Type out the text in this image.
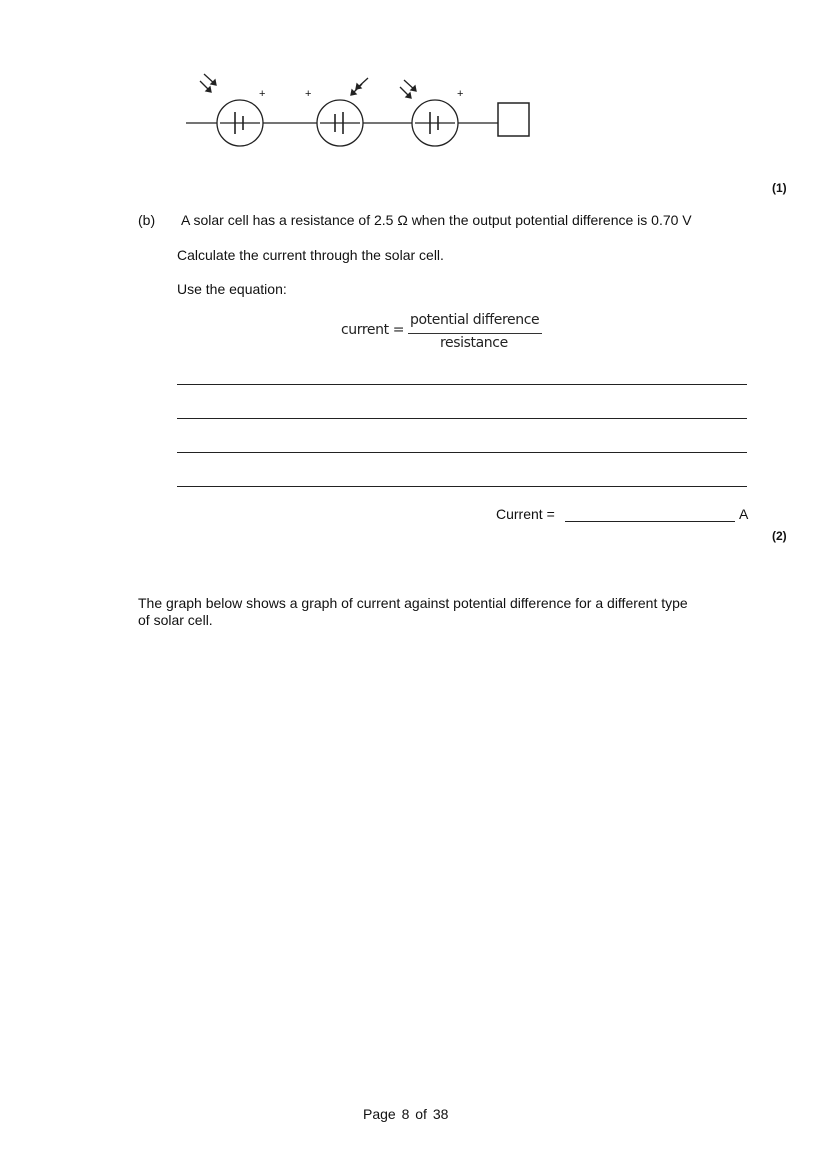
+	+	+
(1)
(b) A solar cell has a resistance of 2.5 Ω when the output potential difference is 0.70 V
Calculate the current through the solar cell.
Use the equation:
current =
potential difference
resistance
Current =	A
(2)
The graph below shows a graph of current against potential difference for a different type
of solar cell.
Page 8 of 38
